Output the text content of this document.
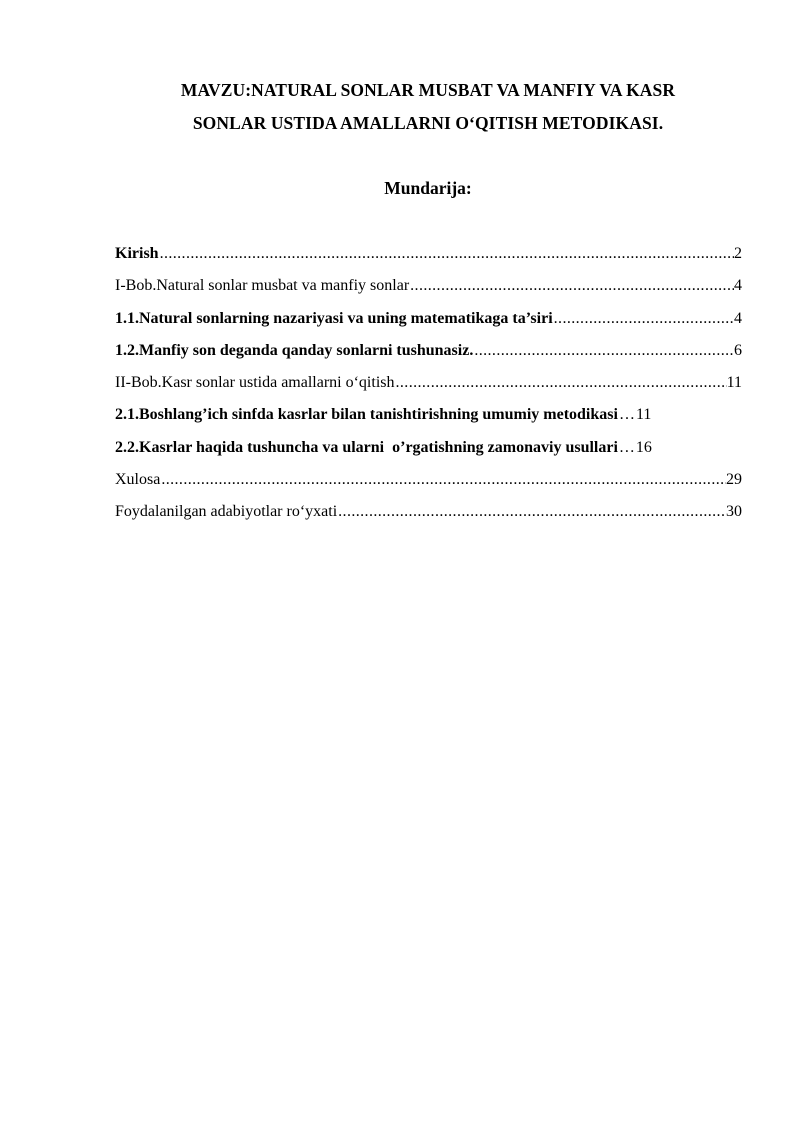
MAVZU:NATURAL SONLAR MUSBAT VA MANFIY VA KASR
SONLAR USTIDA AMALLARNI O‘QITISH METODIKASI.
Mundarija:
Kirish .....	2
I-Bob.Natural sonlar musbat va manfiy sonlar .....	4
1.1.Natural sonlarning nazariyasi va uning matematikaga ta’siri .....	4
1.2.Manfiy son deganda qanday sonlarni tushunasiz. .....	6
II-Bob.Kasr sonlar ustida amallarni o‘qitish .....	11
2.1.Boshlang’ich sinfda kasrlar bilan tanishtirishning umumiy metodikasi … 11
2.2.Kasrlar haqida tushuncha va ularni  o’rgatishning zamonaviy usullari … 16
Xulosa .....	29
Foydalanilgan adabiyotlar ro‘yxati .....	30
